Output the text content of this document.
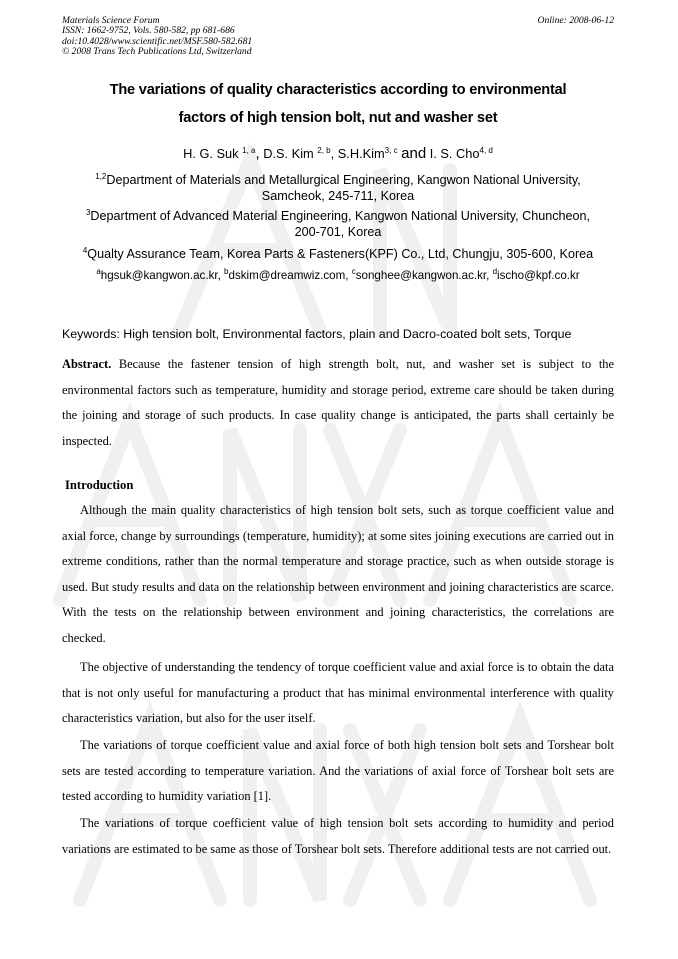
Materials Science Forum
ISSN: 1662-9752, Vols. 580-582, pp 681-686
doi:10.4028/www.scientific.net/MSF.580-582.681
© 2008 Trans Tech Publications Ltd, Switzerland
Online: 2008-06-12
The variations of quality characteristics according to environmental
factors of high tension bolt, nut and washer set
H. G. Suk $^{1, a}$, D.S. Kim $^{2, b}$, S.H.Kim$^{3, c}$ and I. S. Cho$^{4, d}$
$^{1,2}$Department of Materials and Metallurgical Engineering, Kangwon National University,
Samcheok, 245-711, Korea
$^3$Department of Advanced Material Engineering, Kangwon National University, Chuncheon,
200-701, Korea
$^4$Qualty Assurance Team, Korea Parts & Fasteners(KPF) Co., Ltd, Chungju, 305-600, Korea
$^a$hgsuk@kangwon.ac.kr, $^b$dskim@dreamwiz.com, $^c$songhee@kangwon.ac.kr, $^d$ischo@kpf.co.kr
Keywords: High tension bolt, Environmental factors, plain and Dacro-coated bolt sets, Torque
Abstract. Because the fastener tension of high strength bolt, nut, and washer set is subject to the environmental factors such as temperature, humidity and storage period, extreme care should be taken during the joining and storage of such products. In case quality change is anticipated, the parts shall certainly be inspected.
Introduction
Although the main quality characteristics of high tension bolt sets, such as torque coefficient value and axial force, change by surroundings (temperature, humidity); at some sites joining executions are carried out in extreme conditions, rather than the normal temperature and storage practice, such as when outside storage is used. But study results and data on the relationship between environment and joining characteristics are scarce. With the tests on the relationship between environment and joining characteristics, the correlations are checked.
The objective of understanding the tendency of torque coefficient value and axial force is to obtain the data that is not only useful for manufacturing a product that has minimal environmental interference with quality characteristics variation, but also for the user itself.
The variations of torque coefficient value and axial force of both high tension bolt sets and Torshear bolt sets are tested according to temperature variation. And the variations of axial force of Torshear bolt sets are tested according to humidity variation [1].
The variations of torque coefficient value of high tension bolt sets according to humidity and period variations are estimated to be same as those of Torshear bolt sets. Therefore additional tests are not carried out.
